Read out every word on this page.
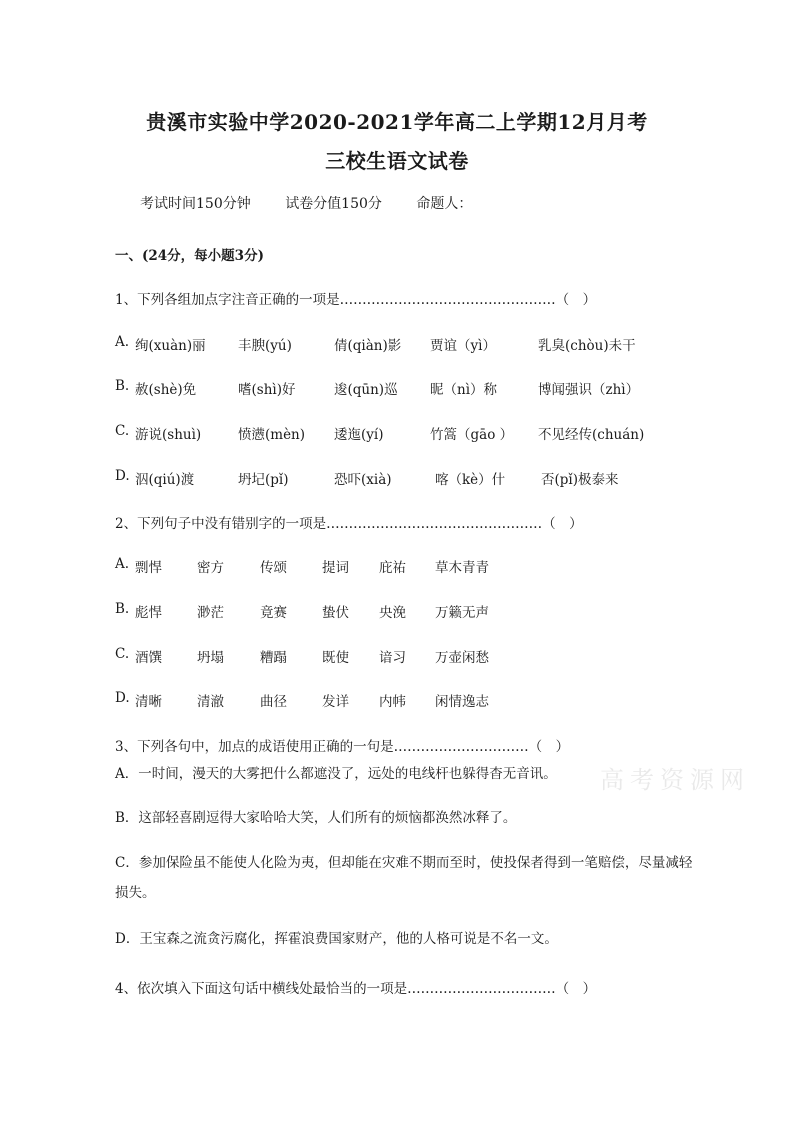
贵溪市实验中学2020-2021学年高二上学期12月月考
三校生语文试卷
考试时间150分钟 试卷分值150分 命题人：
一、(24分，每小题3分)
1、下列各组加点字注音正确的一项是…………………………………………（　）
A. 绚(xuàn)丽 丰腴(yú)	倩(qiàn)影 贾谊（yì）	乳臭(chòu)未干
B. 赦(shè)免	嗜(shì)好	逡(qūn)巡 昵（nì）称	博闻强识（zhì）
C. 游说(shuì)	愤懑(mèn) 逶迤(yí)	竹篙（gāo ） 不见经传(chuán)
D. 泅(qiú)渡	坍圮(pǐ)	恐吓(xià)	喀（kè）什	否(pǐ)极泰来
2、下列句子中没有错别字的一项是…………………………………………（　）
A. 剽悍	密方	传颂	提词 庇祐 草木青青
B. 彪悍	渺茫	竟赛	蛰伏 央浼 万籁无声
C. 酒馔	坍塌	糟蹋	既使 谙习 万壶闲愁
D. 清晰	清澈	曲径	发详 内帏 闲情逸志
3、下列各句中，加点的成语使用正确的一句是…………………………（　）
A．一时间，漫天的大雾把什么都遮没了，远处的电线杆也躲得杳无音讯。
B．这部轻喜剧逗得大家哈哈大笑，人们所有的烦恼都涣然冰释了。
C．参加保险虽不能使人化险为夷，但却能在灾难不期而至时，使投保者得到一笔赔偿，尽量减轻损失。
D．王宝森之流贪污腐化，挥霍浪费国家财产，他的人格可说是不名一文。
4、依次填入下面这句话中横线处最恰当的一项是……………………………（　）
高考资源网
